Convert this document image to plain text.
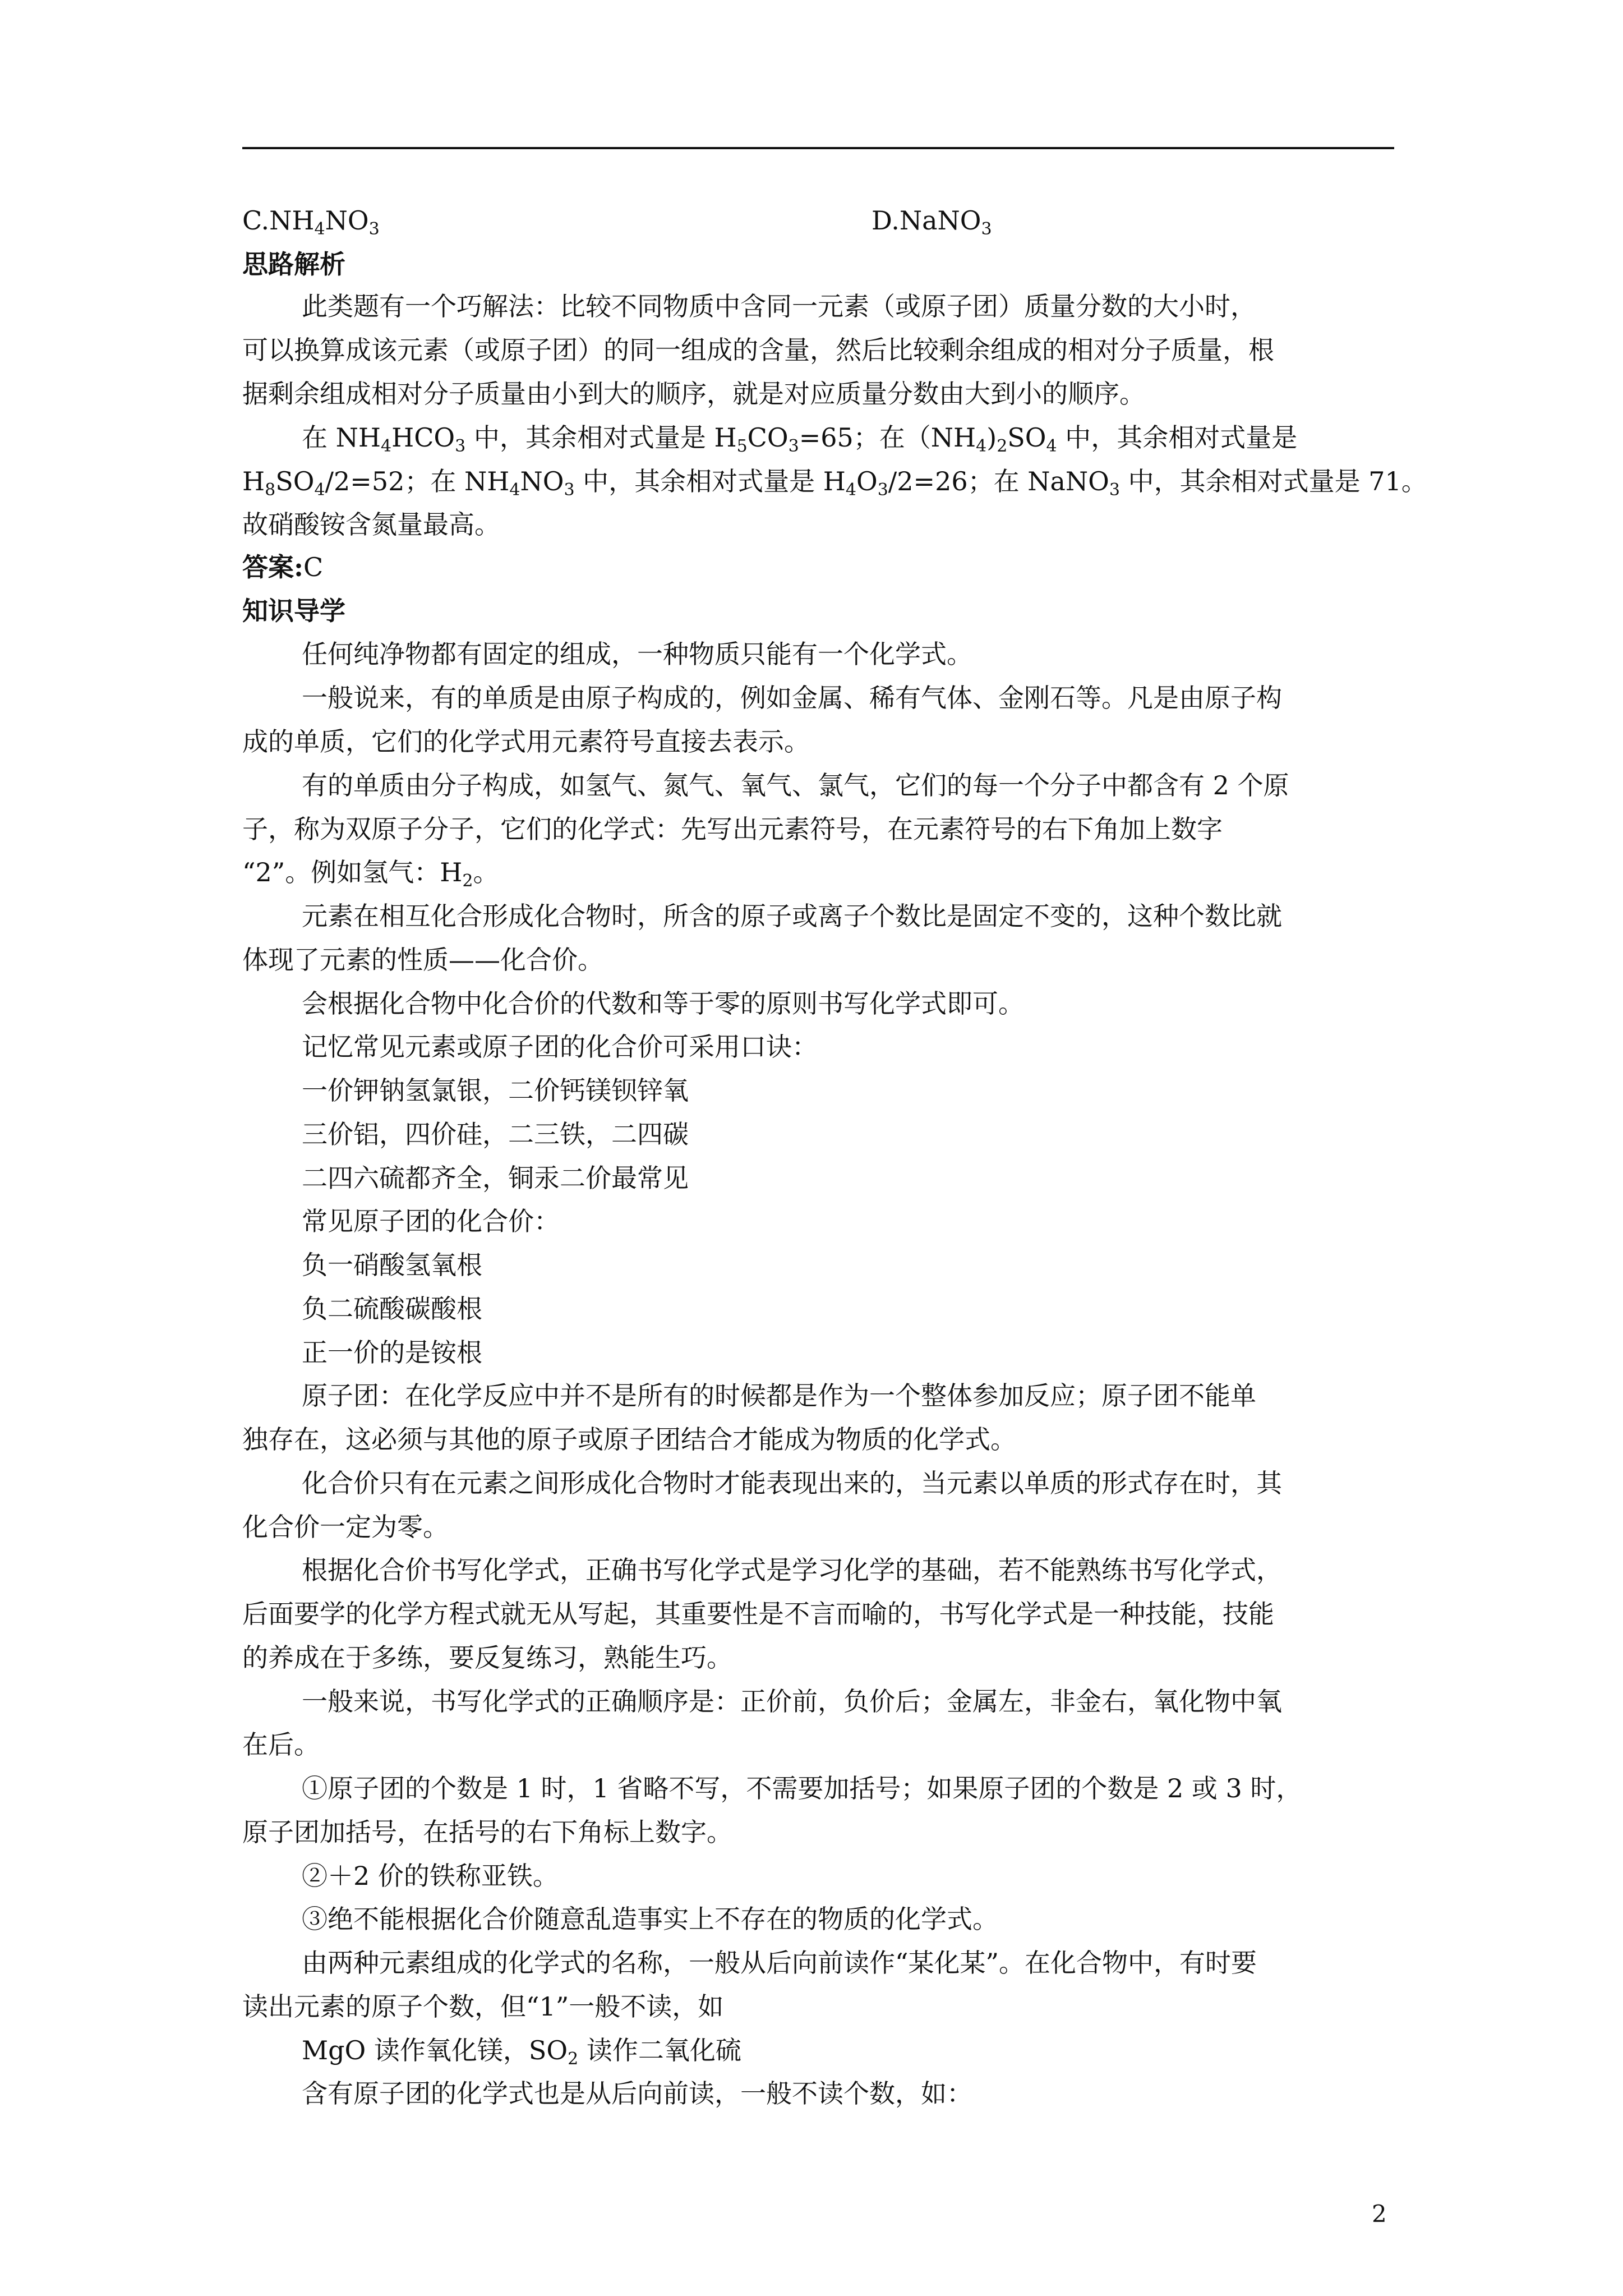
$C.NH_4NO_3$	D.NaNO$_3$
思路解析
此类题有一个巧解法：比较不同物质中含同一元素（或原子团）质量分数的大小时，
可以换算成该元素（或原子团）的同一组成的含量，然后比较剩余组成的相对分子质量，根
据剩余组成相对分子质量由小到大的顺序，就是对应质量分数由大到小的顺序。
在 $NH_4HCO_3$ 中，其余相对式量是 $H_5CO_3=65$；在$(NH_4)_2SO_4$ 中，其余相对式量是
$H_8SO_4/2=52$；在 $NH_4NO_3$ 中，其余相对式量是 $H_4O_3/2=26$；在 NaNO$_3$ 中，其余相对式量是 71。
故硝酸铵含氮量最高。
答案:C
知识导学
任何纯净物都有固定的组成，一种物质只能有一个化学式。
一般说来，有的单质是由原子构成的，例如金属、稀有气体、金刚石等。凡是由原子构
成的单质，它们的化学式用元素符号直接去表示。
有的单质由分子构成，如氢气、氮气、氧气、氯气，它们的每一个分子中都含有 2 个原
子，称为双原子分子，它们的化学式：先写出元素符号，在元素符号的右下角加上数字
“2”。例如氢气：$H_2$。
元素在相互化合形成化合物时，所含的原子或离子个数比是固定不变的，这种个数比就
体现了元素的性质——化合价。
会根据化合物中化合价的代数和等于零的原则书写化学式即可。
记忆常见元素或原子团的化合价可采用口诀：
一价钾钠氢氯银，二价钙镁钡锌氧
三价铝，四价硅，二三铁，二四碳
二四六硫都齐全，铜汞二价最常见
常见原子团的化合价：
负一硝酸氢氧根
负二硫酸碳酸根
正一价的是铵根
原子团：在化学反应中并不是所有的时候都是作为一个整体参加反应；原子团不能单
独存在，这必须与其他的原子或原子团结合才能成为物质的化学式。
化合价只有在元素之间形成化合物时才能表现出来的，当元素以单质的形式存在时，其
化合价一定为零。
根据化合价书写化学式，正确书写化学式是学习化学的基础，若不能熟练书写化学式，
后面要学的化学方程式就无从写起，其重要性是不言而喻的，书写化学式是一种技能，技能
的养成在于多练，要反复练习，熟能生巧。
一般来说，书写化学式的正确顺序是：正价前，负价后；金属左，非金右，氧化物中氧
在后。
①原子团的个数是 1 时，1 省略不写，不需要加括号；如果原子团的个数是 2 或 3 时，
原子团加括号，在括号的右下角标上数字。
②＋2 价的铁称亚铁。
③绝不能根据化合价随意乱造事实上不存在的物质的化学式。
由两种元素组成的化学式的名称，一般从后向前读作“某化某”。在化合物中，有时要
读出元素的原子个数，但“1”一般不读，如
MgO 读作氧化镁，$SO_2$ 读作二氧化硫
含有原子团的化学式也是从后向前读，一般不读个数，如：
2
